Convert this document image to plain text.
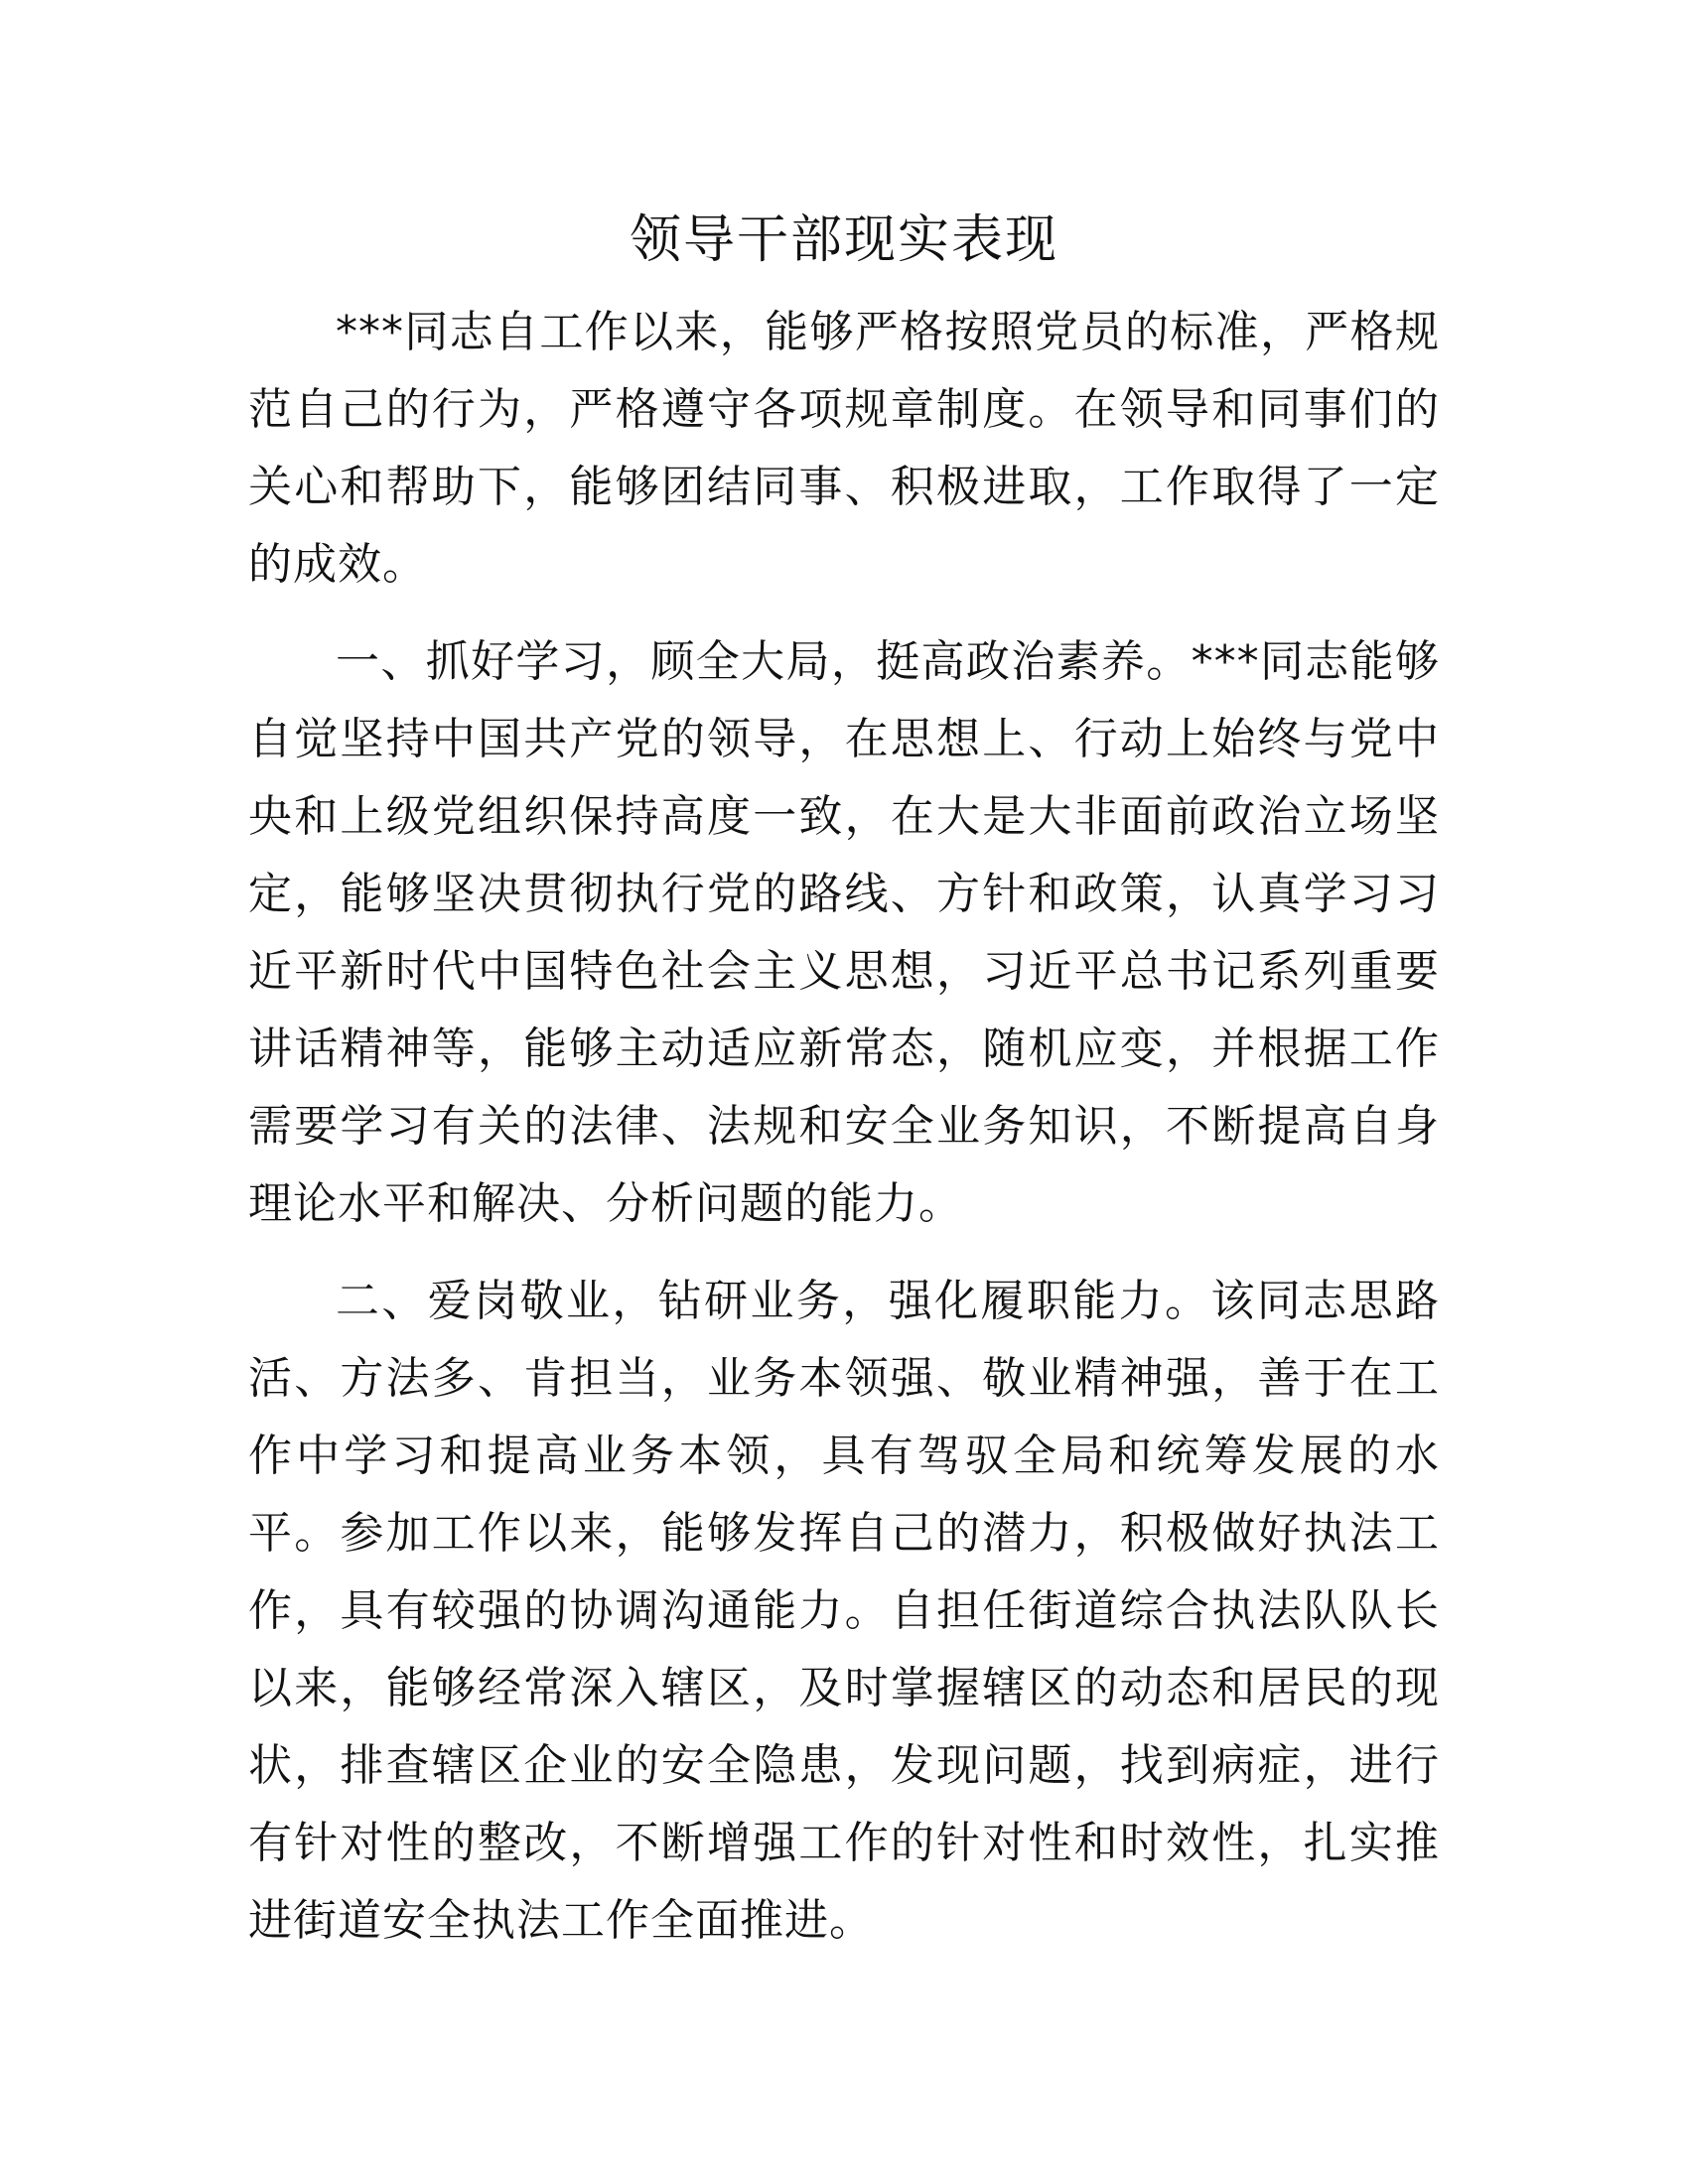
领导干部现实表现

***同志自工作以来，能够严格按照党员的标准，严格规范自己的行为，严格遵守各项规章制度。在领导和同事们的关心和帮助下，能够团结同事、积极进取，工作取得了一定的成效。

一、抓好学习，顾全大局，挺高政治素养。***同志能够自觉坚持中国共产党的领导，在思想上、行动上始终与党中央和上级党组织保持高度一致，在大是大非面前政治立场坚定，能够坚决贯彻执行党的路线、方针和政策，认真学习习近平新时代中国特色社会主义思想，习近平总书记系列重要讲话精神等，能够主动适应新常态，随机应变，并根据工作需要学习有关的法律、法规和安全业务知识，不断提高自身理论水平和解决、分析问题的能力。

二、爱岗敬业，钻研业务，强化履职能力。该同志思路活、方法多、肯担当，业务本领强、敬业精神强，善于在工作中学习和提高业务本领，具有驾驭全局和统筹发展的水平。参加工作以来，能够发挥自己的潜力，积极做好执法工作，具有较强的协调沟通能力。自担任街道综合执法队队长以来，能够经常深入辖区，及时掌握辖区的动态和居民的现状，排查辖区企业的安全隐患，发现问题，找到病症，进行有针对性的整改，不断增强工作的针对性和时效性，扎实推进街道安全执法工作全面推进。
